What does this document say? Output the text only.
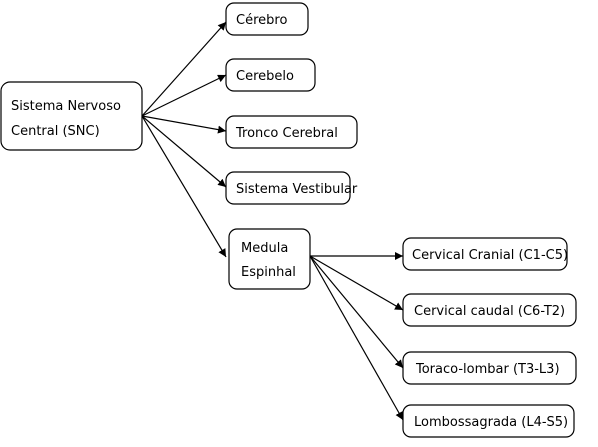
Sistema Nervoso
Central (SNC)
Cérebro
Cerebelo
Tronco Cerebral
Sistema Vestibular
Medula
Espinhal
Cervical Cranial (C1-C5)
Cervical caudal (C6-T2)
Toraco-lombar (T3-L3)
Lombossagrada (L4-S5)
